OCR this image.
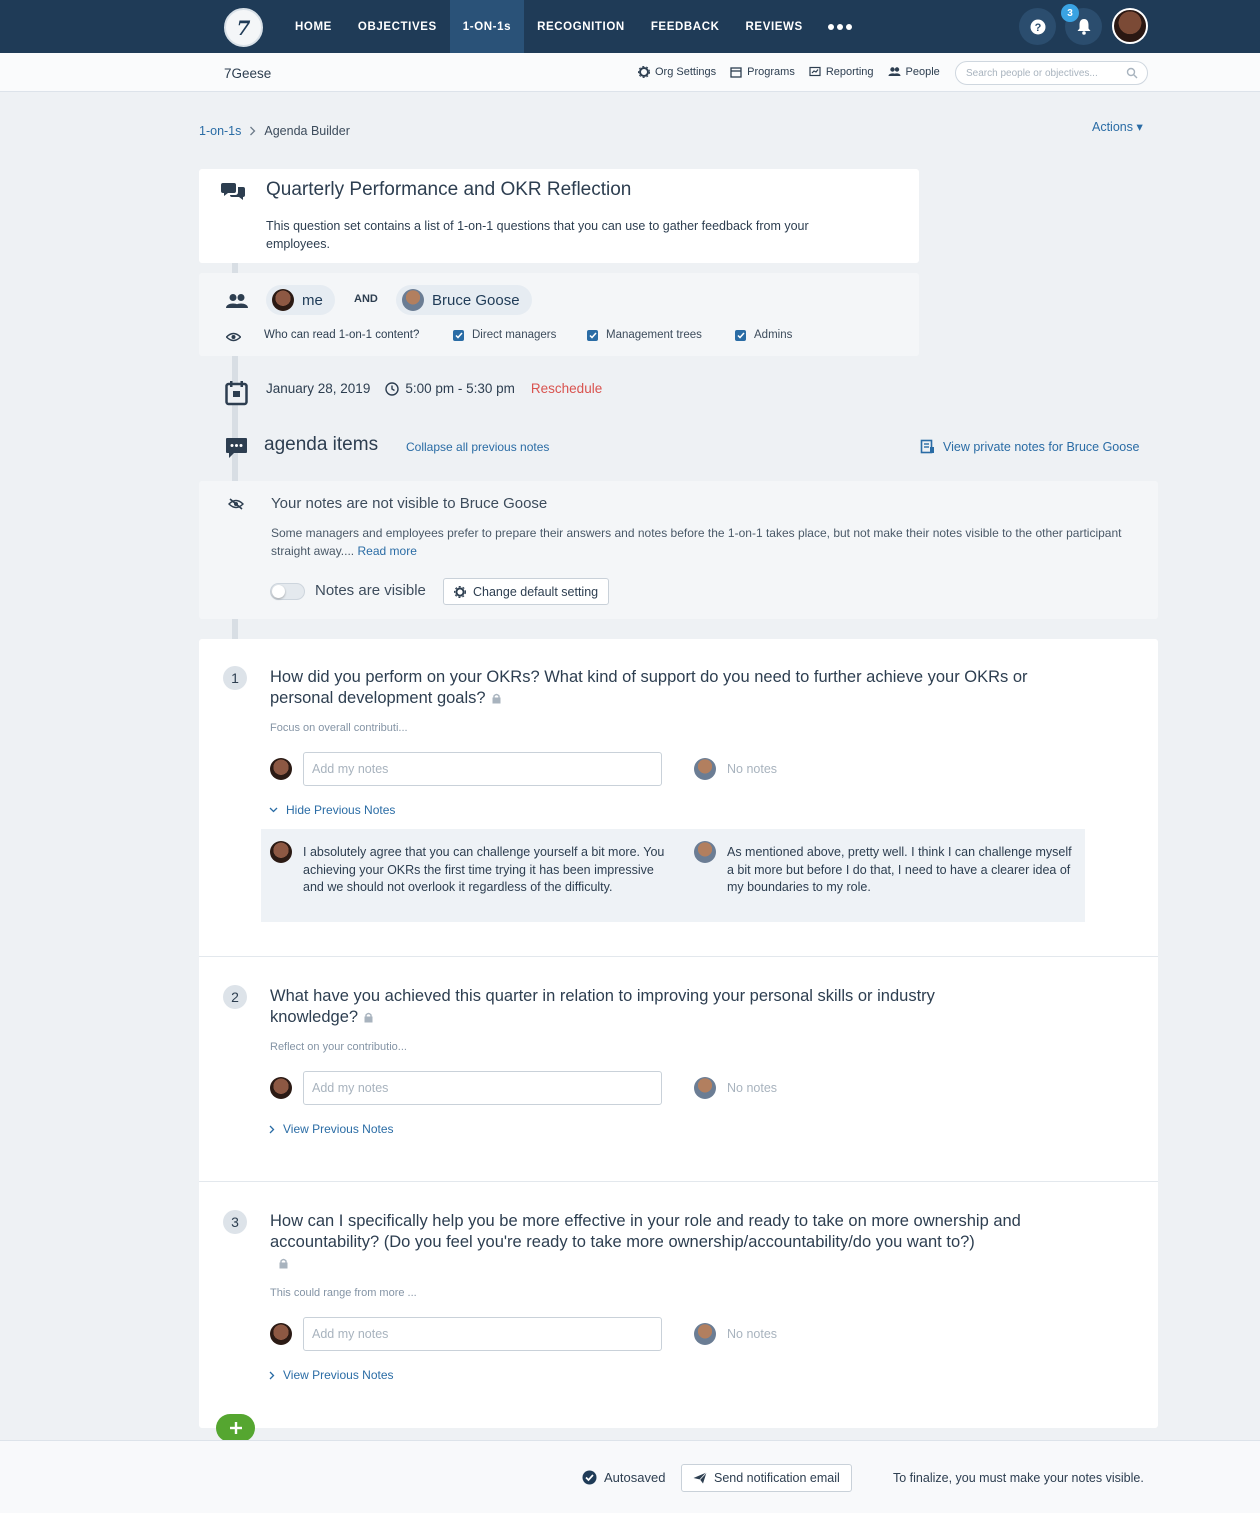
7	HOME	OBJECTIVES	1-ON-1s	RECOGNITION	FEEDBACK	REVIEWS	?
3
7Geese	Org Settings	Programs	Reporting	People	Search people or objectives...
1-on-1s Agenda Builder	Actions ▾
Quarterly Performance and OKR Reflection
This question set contains a list of 1-on-1 questions that you can use to gather feedback from your employees.
me	AND	Bruce Goose
Who can read 1-on-1 content?	Direct managers	Management trees	Admins
January 28, 2019	5:00 pm - 5:30 pm Reschedule
agenda items Collapse all previous notes	View private notes for Bruce Goose
Your notes are not visible to Bruce Goose
Some managers and employees prefer to prepare their answers and notes before the 1-on-1 takes place, but not make their notes visible to the other participant straight away.... Read more
Notes are visible	Change default setting
1	How did you perform on your OKRs? What kind of support do you need to further achieve your OKRs or personal development goals?
Focus on overall contributi...
Add my notes	No notes
Hide Previous Notes
I absolutely agree that you can challenge yourself a bit more. You achieving your OKRs the first time trying it has been impressive and we should not overlook it regardless of the difficulty.
As mentioned above, pretty well. I think I can challenge myself a bit more but before I do that, I need to have a clearer idea of my boundaries to my role.
2	What have you achieved this quarter in relation to improving your personal skills or industry knowledge?
Reflect on your contributio...
Add my notes	No notes
View Previous Notes
3	How can I specifically help you be more effective in your role and ready to take on more ownership and accountability? (Do you feel you're ready to take more ownership/accountability/do you want to?)
This could range from more ...
Add my notes	No notes
View Previous Notes
Autosaved	Send notification email	To finalize, you must make your notes visible.
